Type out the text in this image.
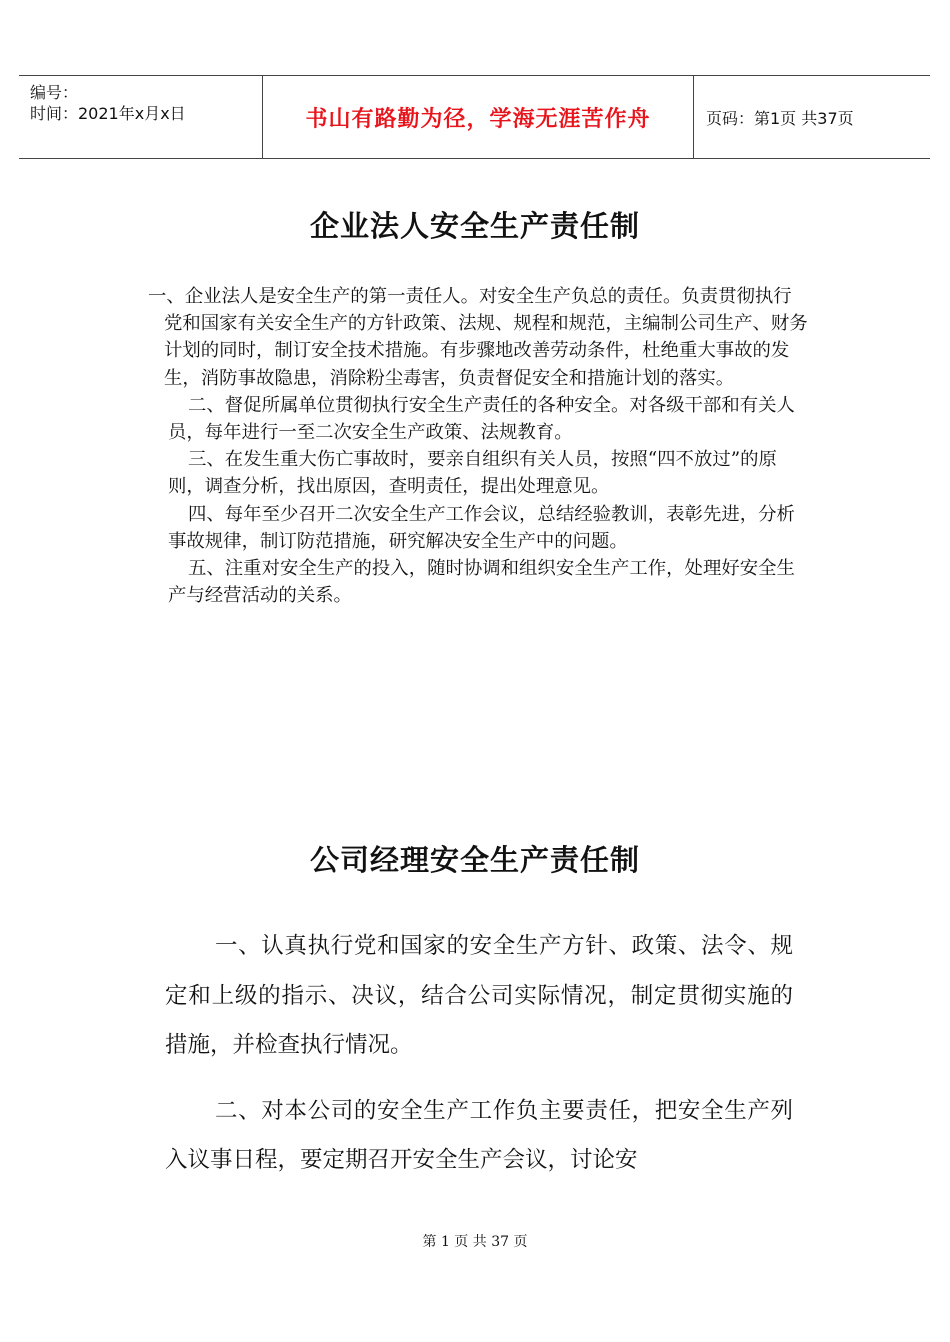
编号：
时间：2021年x月x日	书山有路勤为径，学海无涯苦作舟	页码：第1页 共37页
企业法人安全生产责任制

一、企业法人是安全生产的第一责任人。对安全生产负总的责任。负责贯彻执行党和国家有关安全生产的方针政策、法规、规程和规范，主编制公司生产、财务计划的同时，制订安全技术措施。有步骤地改善劳动条件，杜绝重大事故的发生，消防事故隐患，消除粉尘毒害，负责督促安全和措施计划的落实。

二、督促所属单位贯彻执行安全生产责任的各种安全。对各级干部和有关人员，每年进行一至二次安全生产政策、法规教育。

三、在发生重大伤亡事故时，要亲自组织有关人员，按照“四不放过”的原则，调查分析，找出原因，查明责任，提出处理意见。

四、每年至少召开二次安全生产工作会议，总结经验教训，表彰先进，分析事故规律，制订防范措施，研究解决安全生产中的问题。

五、注重对安全生产的投入，随时协调和组织安全生产工作，处理好安全生产与经营活动的关系。

公司经理安全生产责任制

一、认真执行党和国家的安全生产方针、政策、法令、规定和上级的指示、决议，结合公司实际情况，制定贯彻实施的措施，并检查执行情况。

二、对本公司的安全生产工作负主要责任，把安全生产列入议事日程，要定期召开安全生产会议，讨论安

第 1 页 共 37 页
